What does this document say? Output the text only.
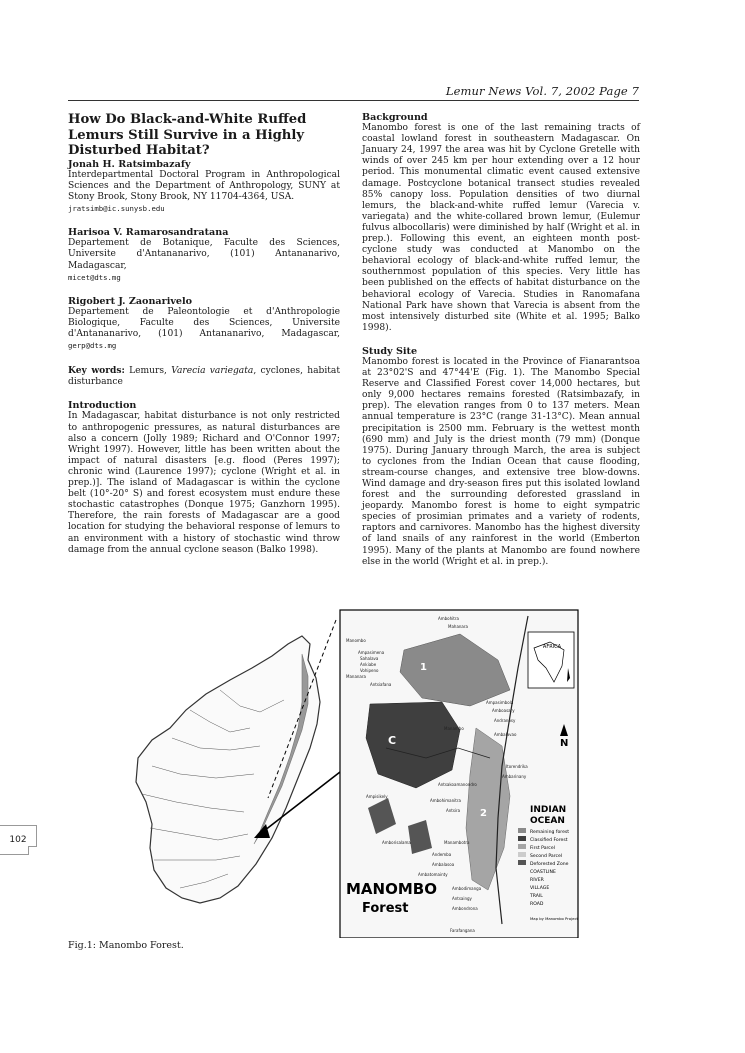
Lemur News Vol. 7, 2002 Page 7

How Do Black-and-White Ruffed Lemurs Still Survive in a Highly Disturbed Habitat?

Jonah H. Ratsimbazafy

Interdepartmental Doctoral Program in Anthropological Sciences and the Department of Anthropology, SUNY at Stony Brook, Stony Brook, NY 11704-4364, USA.

jratsimb@ic.sunysb.edu
Harisoa V. Ramarosandratana

Departement de Botanique, Faculte des Sciences, Universite d'Antananarivo, (101) Antananarivo, Madagascar,

micet@dts.mg
Rigobert J. Zaonarivelo

Departement de Paleontologie et d'Anthropologie Biologique, Faculte des Sciences, Universite d'Antananarivo, (101) Antananarivo, Madagascar, gerp@dts.mg

Key words: Lemurs, Varecia variegata, cyclones, habitat disturbance

Introduction

In Madagascar, habitat disturbance is not only restricted to anthropogenic pressures, as natural disturbances are also a concern (Jolly 1989; Richard and O'Connor 1997; Wright 1997). However, little has been written about the impact of natural disasters [e.g. flood (Peres 1997); chronic wind (Laurence 1997); cyclone (Wright et al. in prep.)]. The island of Madagascar is within the cyclone belt (10°-20° S) and forest ecosystem must endure these stochastic catastrophes (Donque 1975; Ganzhorn 1995). Therefore, the rain forests of Madagascar are a good location for studying the behavioral response of lemurs to an environment with a history of stochastic wind throw damage from the annual cyclone season (Balko 1998).

Background

Manombo forest is one of the last remaining tracts of coastal lowland forest in southeastern Madagascar. On January 24, 1997 the area was hit by Cyclone Gretelle with winds of over 245 km per hour extending over a 12 hour period. This monumental climatic event caused extensive damage. Postcyclone botanical transect studies revealed 85% canopy loss. Population densities of two diurnal lemurs, the black-and-white ruffed lemur (Varecia v. variegata) and the white-collared brown lemur, (Eulemur fulvus albocollaris) were diminished by half (Wright et al. in prep.). Following this event, an eighteen month post-cyclone study was conducted at Manombo on the behavioral ecology of black-and-white ruffed lemur, the southernmost population of this species. Very little has been published on the effects of habitat disturbance on the behavioral ecology of Varecia. Studies in Ranomafana National Park have shown that Varecia is absent from the most intensively disturbed site (White et al. 1995; Balko 1998).

Study Site

Manombo forest is located in the Province of Fianarantsoa at 23°02'S and 47°44'E (Fig. 1). The Manombo Special Reserve and Classified Forest cover 14,000 hectares, but only 9,000 hectares remains forested (Ratsimbazafy, in prep). The elevation ranges from 0 to 137 meters. Mean annual temperature is 23°C (range 31-13°C). Mean annual precipitation is 2500 mm. February is the wettest month (690 mm) and July is the driest month (79 mm) (Donque 1975). During January through March, the area is subject to cyclones from the Indian Ocean that cause flooding, stream-course changes, and extensive tree blow-downs. Wind damage and dry-season fires put this isolated lowland forest and the surrounding deforested grassland in jeopardy. Manombo forest is home to eight sympatric species of prosimian primates and a variety of rodents, raptors and carnivores. Manombo has the highest diversity of land snails of any rainforest in the world (Emberton 1995). Many of the plants at Manombo are found nowhere else in the world (Wright et al. in prep.).

AFRICA
1
2
C
INDIAN
OCEAN
N
Remaining forest
Classified Forest
First Parcel
Second Parcel
Deforested Zone
COASTLINE
RIVER
VILLAGE
TRAIL
ROAD
Map by Manombo Project
Ambohitra
Mahanara
Manombo
Ampasimena
Sahalava
Ankiabe
Vohipeno
Mananara
Antsiafana
Ampasimbola
Amboasary
Manambo
Andranosy
Ambalavao
Itorendrika
Ambarinany
Antsakoamanondro
Ambohimanitra
Ampisikely
Antsira
Amborisalama	Manambotra
Andemba
Ambalasoa
Ambatomainty
Ambodimanga
Antsaingy
Ambondrona
Farafangana
MANOMBO
Forest
Fig.1: Manombo Forest.
102
